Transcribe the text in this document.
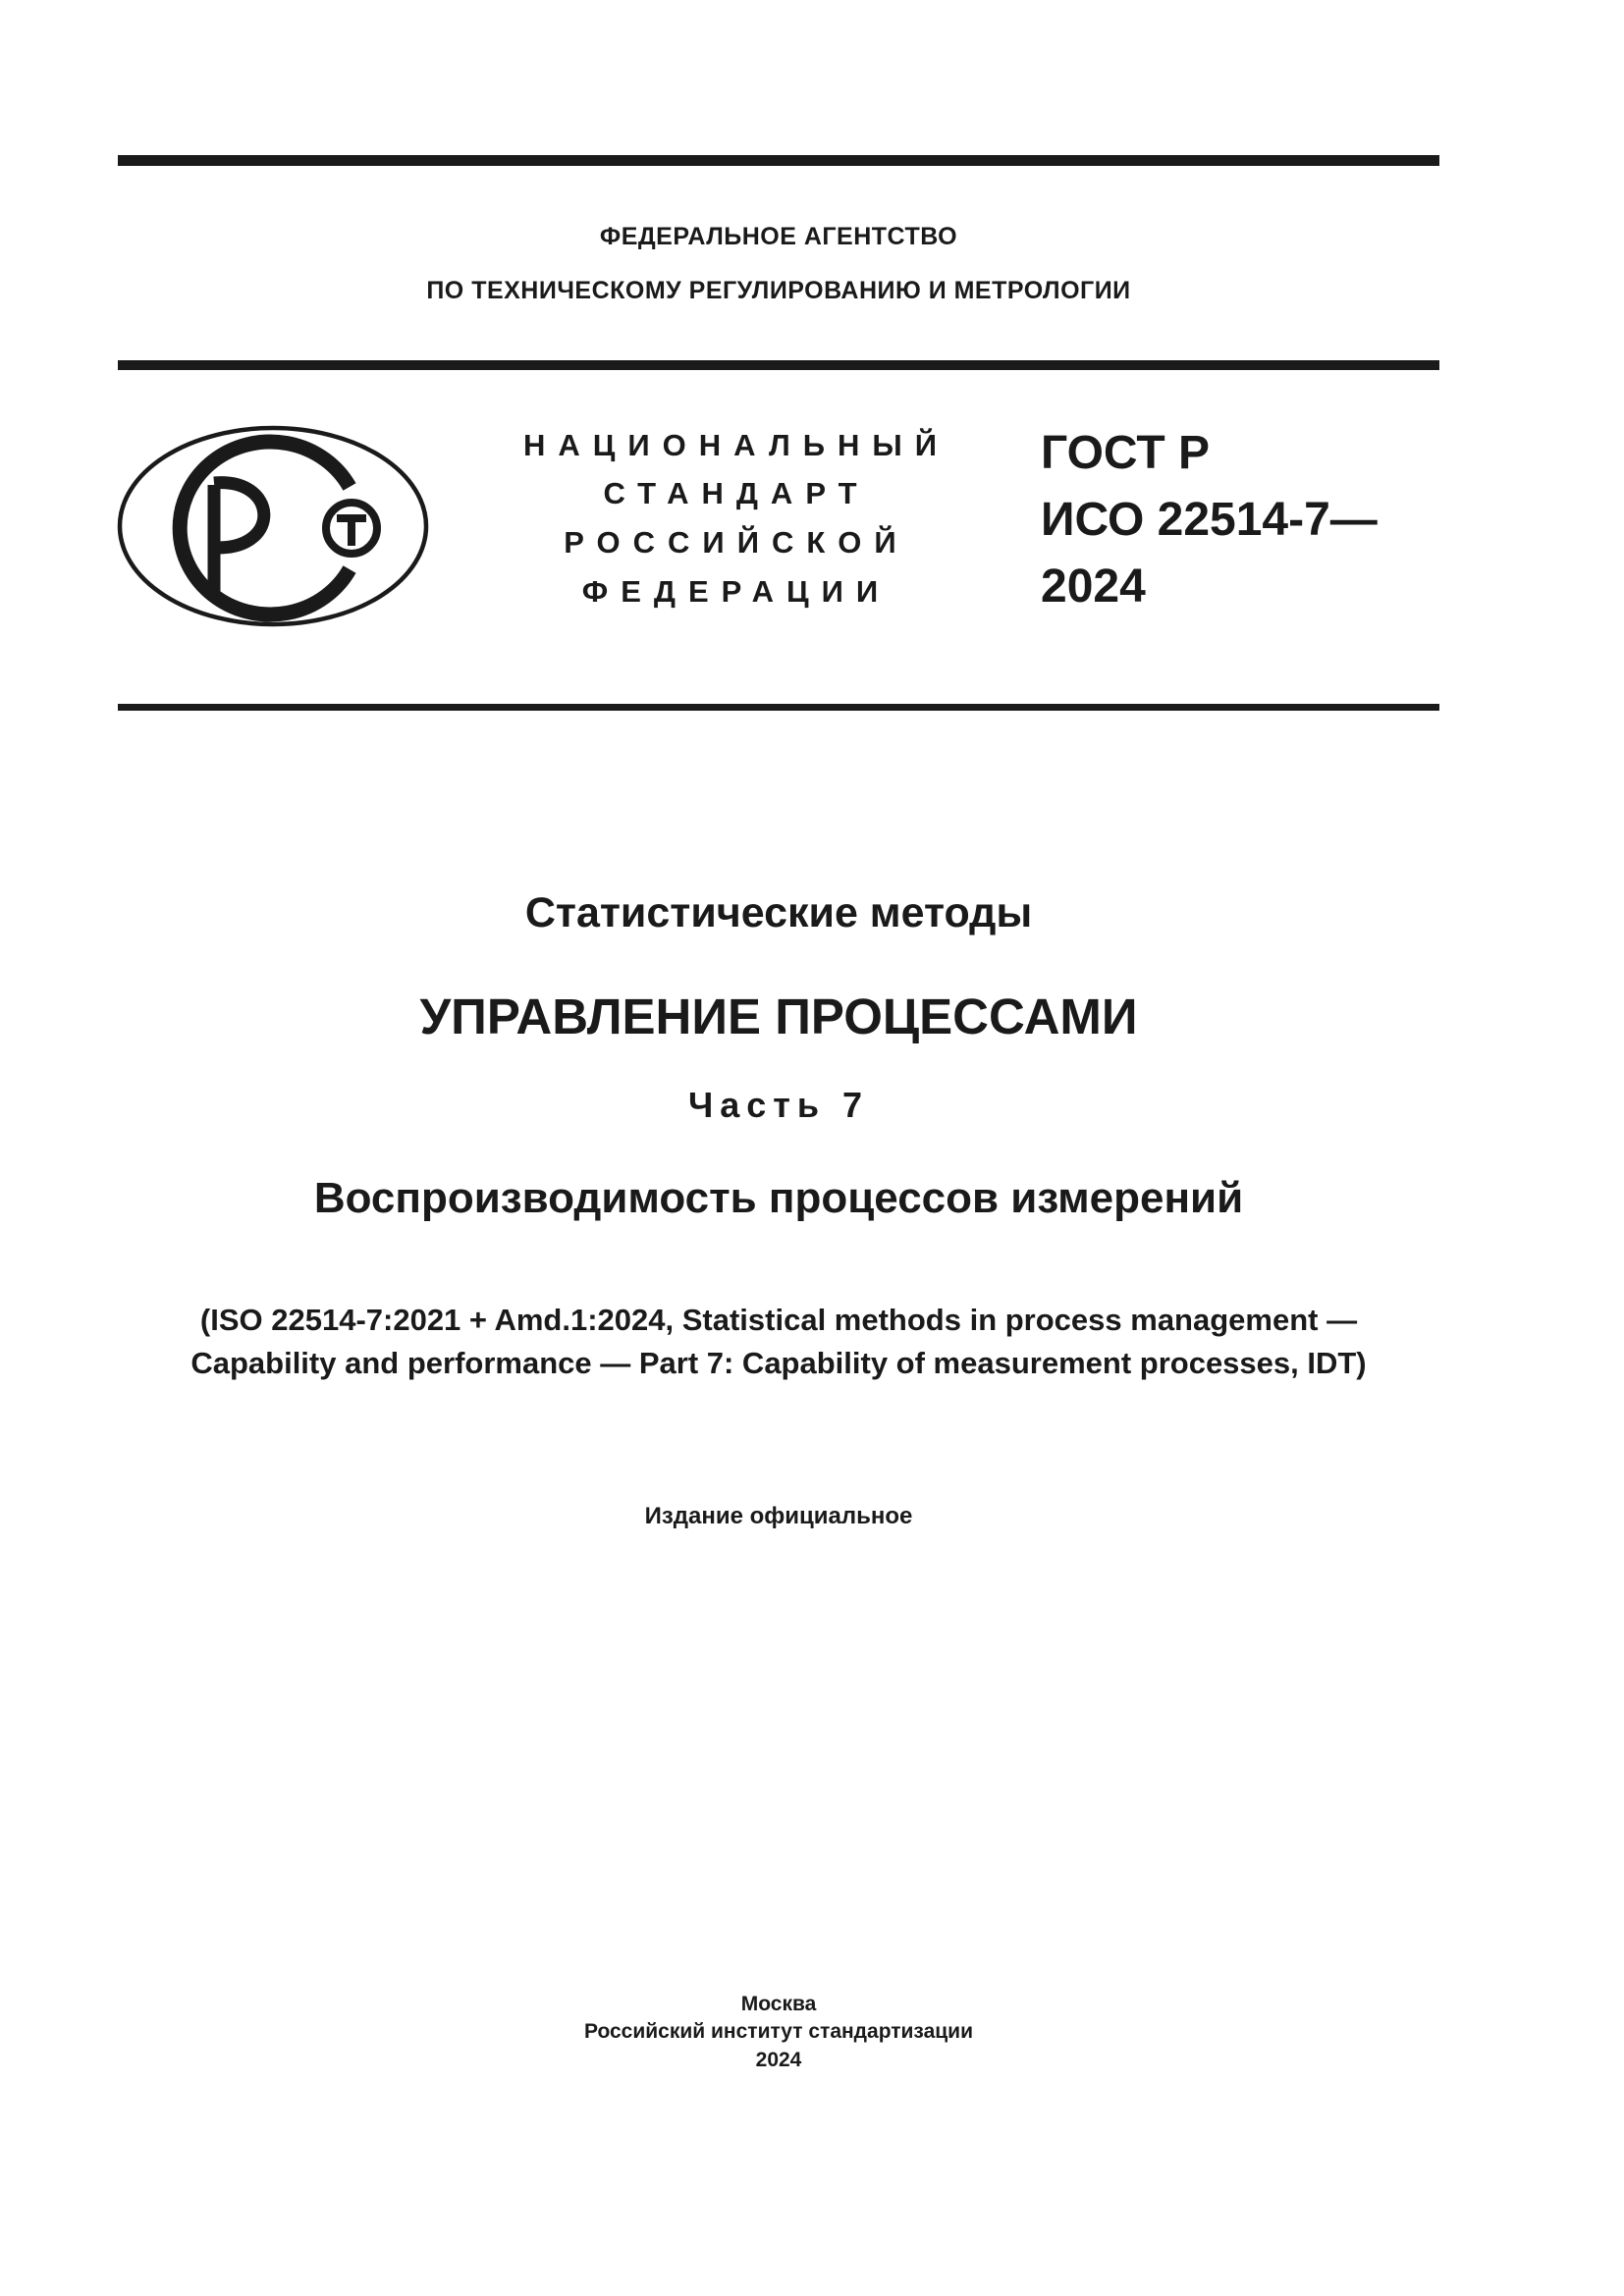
ФЕДЕРАЛЬНОЕ АГЕНТСТВО
ПО ТЕХНИЧЕСКОМУ РЕГУЛИРОВАНИЮ И МЕТРОЛОГИИ
НАЦИОНАЛЬНЫЙ
СТАНДАРТ
РОССИЙСКОЙ
ФЕДЕРАЦИИ
ГОСТ Р
ИСО 22514-7—
2024
Статистические методы
УПРАВЛЕНИЕ ПРОЦЕССАМИ
Часть 7
Воспроизводимость процессов измерений
(ISO 22514-7:2021 + Amd.1:2024, Statistical methods in process management —
Capability and performance — Part 7: Capability of measurement processes, IDT)
Издание официальное
Москва
Российский институт стандартизации
2024
